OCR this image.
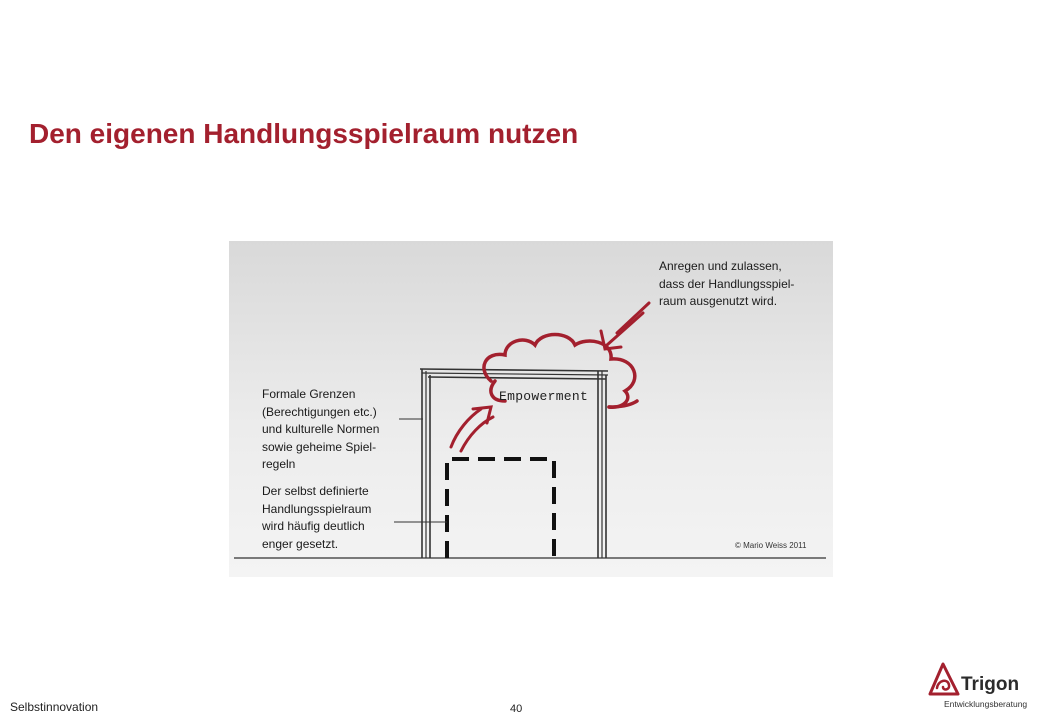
Den eigenen Handlungsspielraum nutzen
Anregen und zulassen,
dass der Handlungsspiel-
raum ausgenutzt wird.
Formale Grenzen
(Berechtigungen etc.)
und kulturelle Normen
sowie geheime Spiel-
regeln
Der selbst definierte
Handlungsspielraum
wird häufig deutlich
enger gesetzt.
Empowerment
© Mario Weiss 2011
Selbstinnovation	40
Trigon
Entwicklungsberatung
